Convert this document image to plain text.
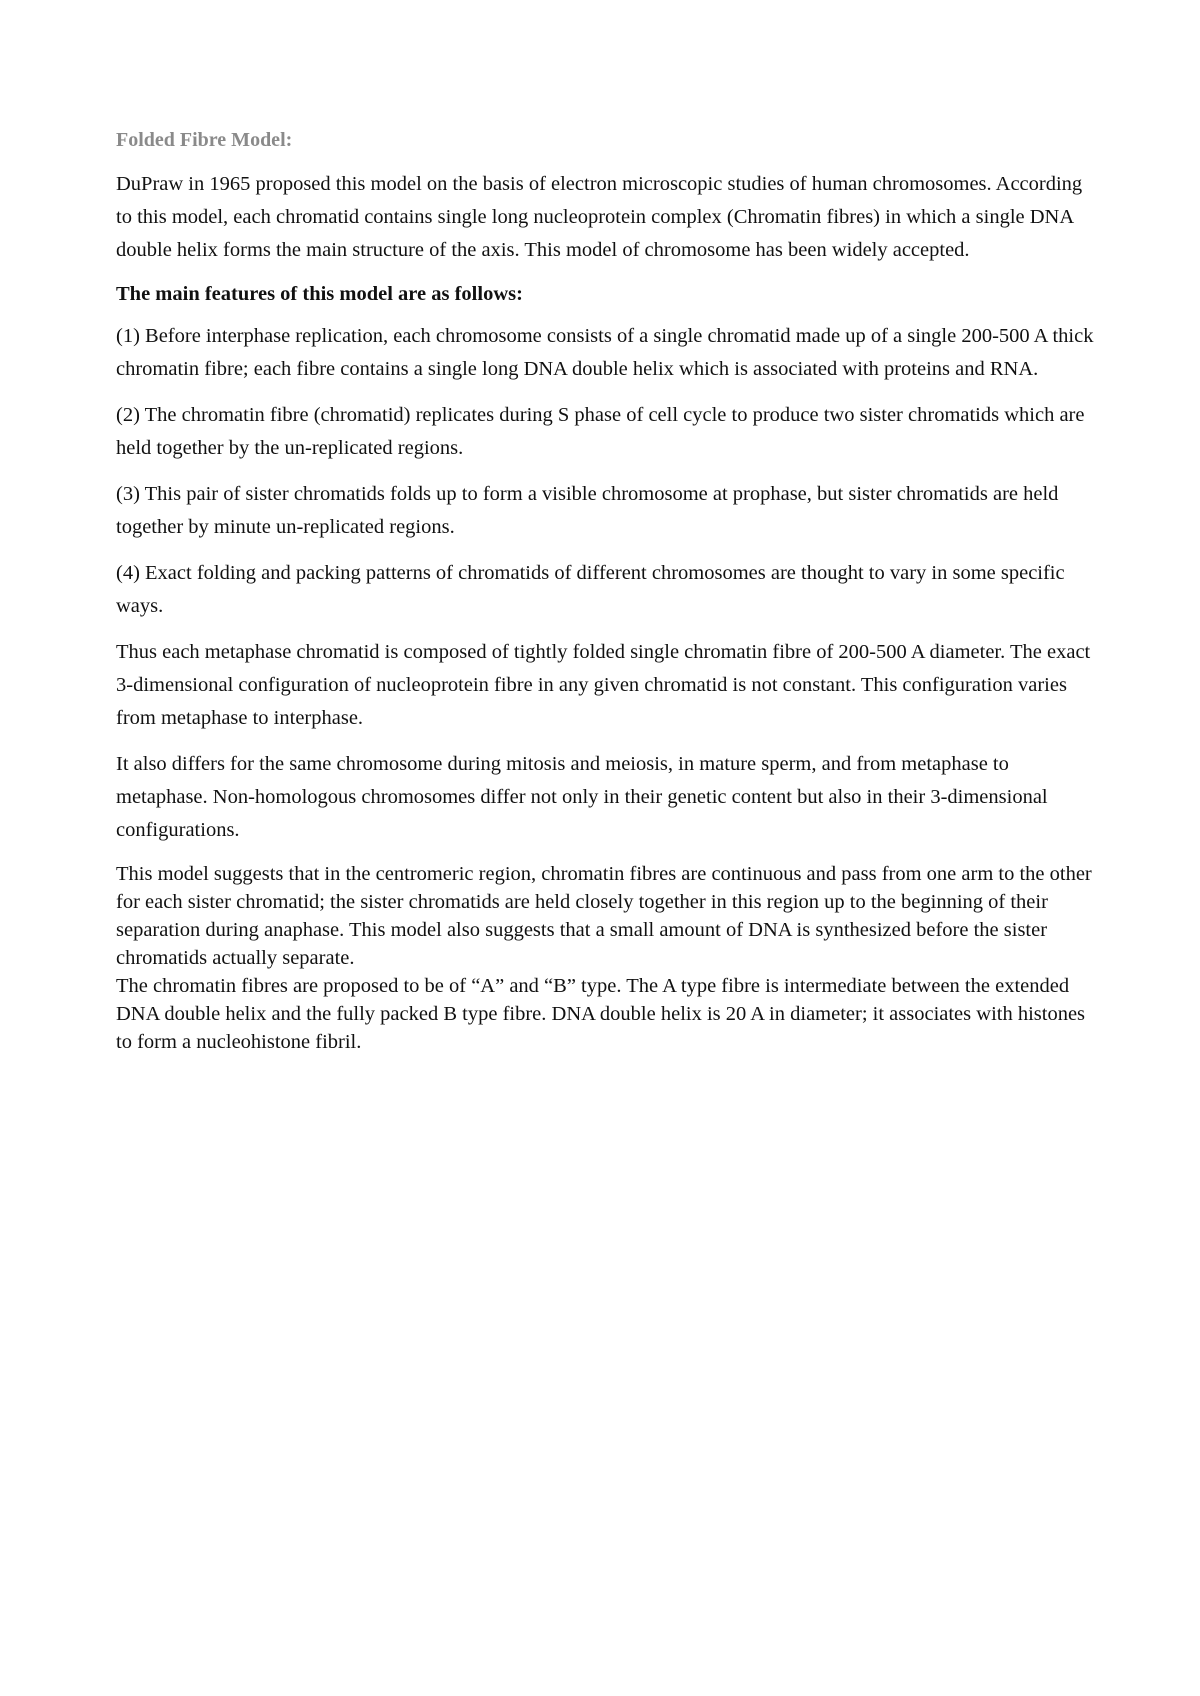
Folded Fibre Model:

DuPraw in 1965 proposed this model on the basis of electron microscopic studies of human chromosomes. According to this model, each chromatid contains single long nucleoprotein complex (Chromatin fibres) in which a single DNA double helix forms the main structure of the axis. This model of chromosome has been widely accepted.

The main features of this model are as follows:

(1) Before interphase replication, each chromosome consists of a single chromatid made up of a single 200-500 A thick chromatin fibre; each fibre contains a single long DNA double helix which is associated with proteins and RNA.

(2) The chromatin fibre (chromatid) replicates during S phase of cell cycle to produce two sister chromatids which are held together by the un-replicated regions.

(3) This pair of sister chromatids folds up to form a visible chromosome at prophase, but sister chromatids are held together by minute un-replicated regions.

(4) Exact folding and packing patterns of chromatids of different chromosomes are thought to vary in some specific ways.

Thus each metaphase chromatid is composed of tightly folded single chromatin fibre of 200-500 A diameter. The exact 3-dimensional configuration of nucleoprotein fibre in any given chromatid is not constant. This configuration varies from metaphase to interphase.

It also differs for the same chromosome during mitosis and meiosis, in mature sperm, and from metaphase to metaphase. Non-homologous chromosomes differ not only in their genetic content but also in their 3-dimensional configurations.

This model suggests that in the centromeric region, chromatin fibres are continuous and pass from one arm to the other for each sister chromatid; the sister chromatids are held closely together in this region up to the beginning of their separation during anaphase. This model also suggests that a small amount of DNA is synthesized before the sister chromatids actually separate.

The chromatin fibres are proposed to be of “A” and “B” type. The A type fibre is intermediate between the extended DNA double helix and the fully packed B type fibre. DNA double helix is 20 A in diameter; it associates with histones to form a nucleohistone fibril.
